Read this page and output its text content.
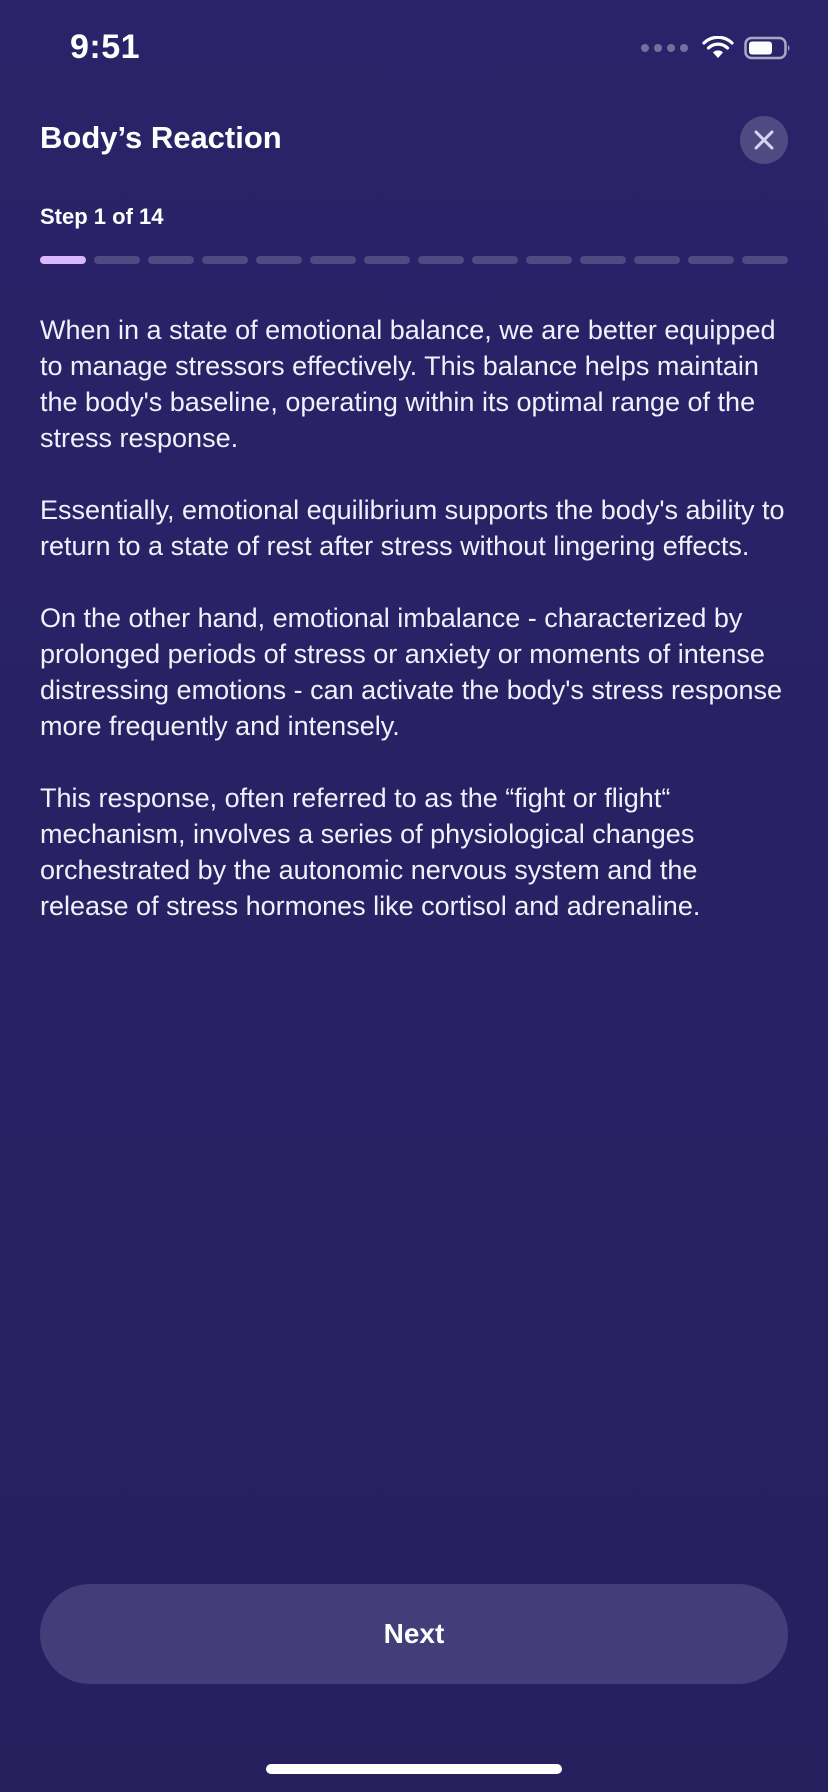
9:51
Body’s Reaction
Step 1 of 14

When in a state of emotional balance, we are better equipped to manage stressors effectively. This balance helps maintain the body's baseline, operating within its optimal range of the stress response.

Essentially, emotional equilibrium supports the body's ability to return to a state of rest after stress without lingering effects.

On the other hand, emotional imbalance - characterized by prolonged periods of stress or anxiety or moments of intense distressing emotions - can activate the body's stress response more frequently and intensely.

This response, often referred to as the “fight or flight“ mechanism, involves a series of physiological changes orchestrated by the autonomic nervous system and the release of stress hormones like cortisol and adrenaline.

Next
